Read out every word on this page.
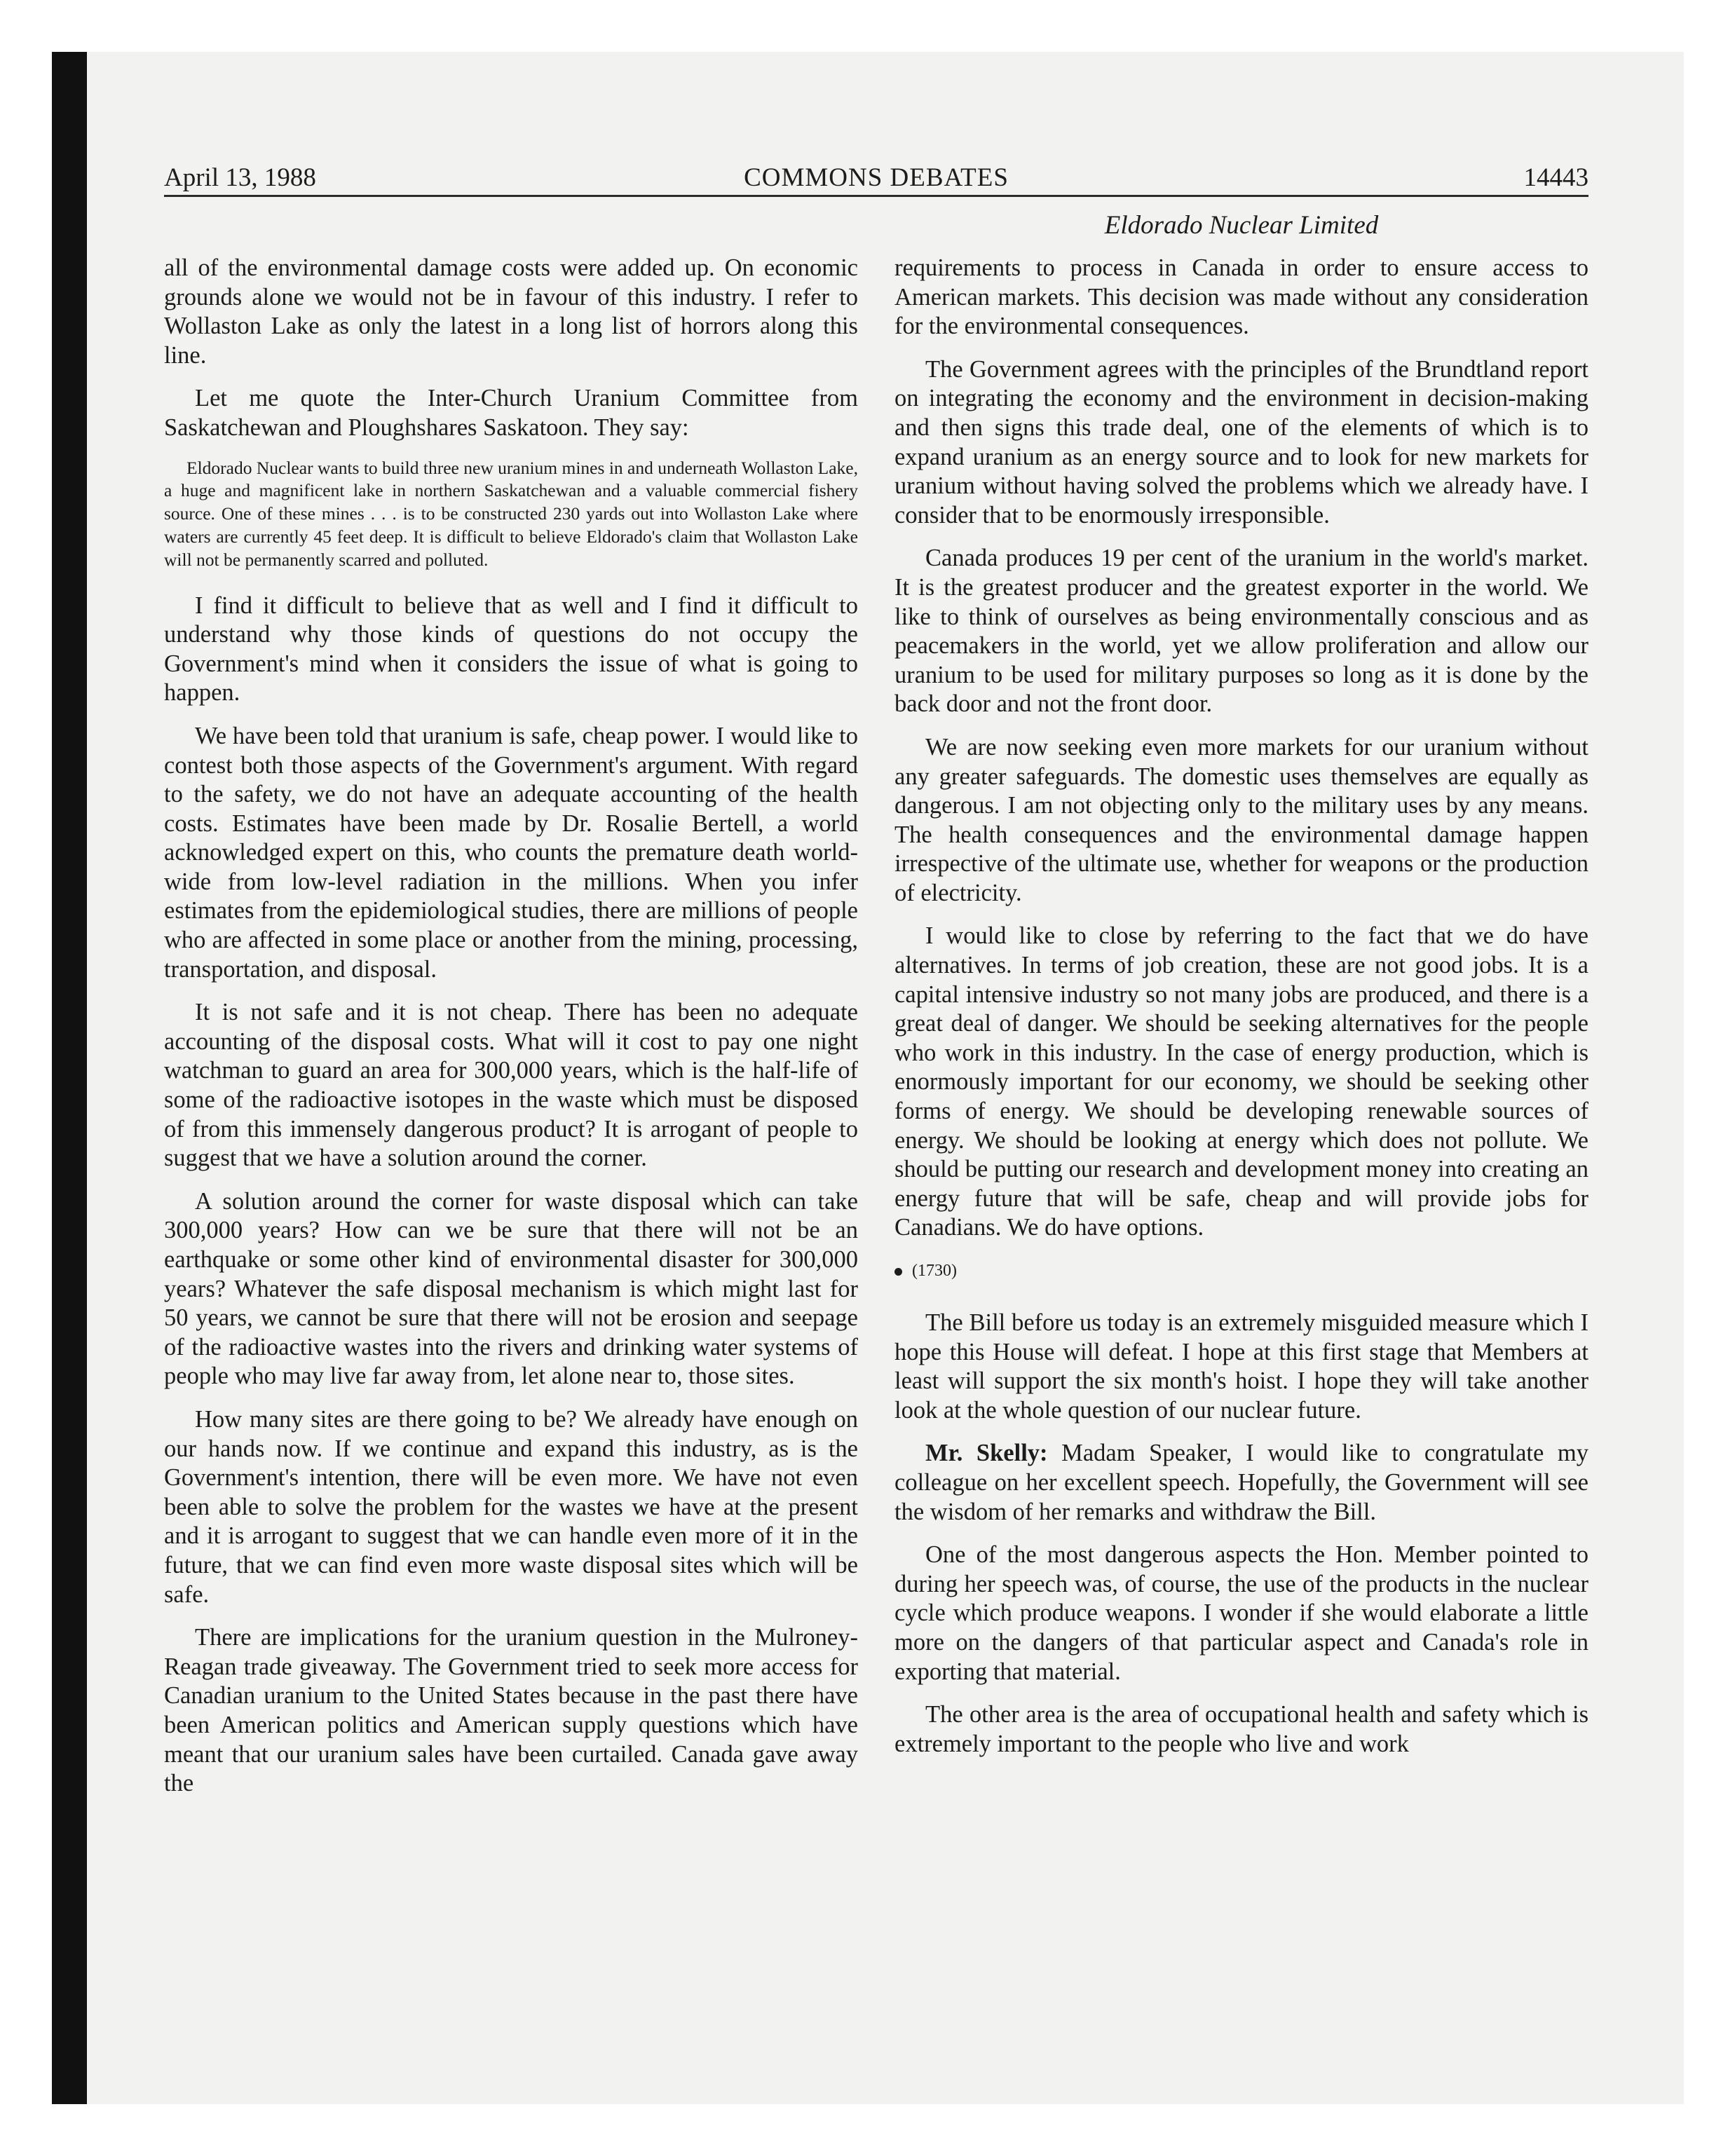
April 13, 1988	COMMONS DEBATES	14443
Eldorado Nuclear Limited

all of the environmental damage costs were added up. On economic grounds alone we would not be in favour of this industry. I refer to Wollaston Lake as only the latest in a long list of horrors along this line.

Let me quote the Inter-Church Uranium Committee from Saskatchewan and Ploughshares Saskatoon. They say:

Eldorado Nuclear wants to build three new uranium mines in and underneath Wollaston Lake, a huge and magnificent lake in northern Saskatchewan and a valuable commercial fishery source. One of these mines . . . is to be constructed 230 yards out into Wollaston Lake where waters are currently 45 feet deep. It is difficult to believe Eldorado's claim that Wollaston Lake will not be permanently scarred and polluted.

I find it difficult to believe that as well and I find it difficult to understand why those kinds of questions do not occupy the Government's mind when it considers the issue of what is going to happen.

We have been told that uranium is safe, cheap power. I would like to contest both those aspects of the Government's argument. With regard to the safety, we do not have an adequate accounting of the health costs. Estimates have been made by Dr. Rosalie Bertell, a world acknowledged expert on this, who counts the premature death world-wide from low-level radiation in the millions. When you infer estimates from the epidemiological studies, there are millions of people who are affected in some place or another from the mining, processing, transportation, and disposal.

It is not safe and it is not cheap. There has been no adequate accounting of the disposal costs. What will it cost to pay one night watchman to guard an area for 300,000 years, which is the half-life of some of the radioactive isotopes in the waste which must be disposed of from this immensely dangerous product? It is arrogant of people to suggest that we have a solution around the corner.

A solution around the corner for waste disposal which can take 300,000 years? How can we be sure that there will not be an earthquake or some other kind of environmental disaster for 300,000 years? Whatever the safe disposal mechanism is which might last for 50 years, we cannot be sure that there will not be erosion and seepage of the radioactive wastes into the rivers and drinking water systems of people who may live far away from, let alone near to, those sites.

How many sites are there going to be? We already have enough on our hands now. If we continue and expand this industry, as is the Government's intention, there will be even more. We have not even been able to solve the problem for the wastes we have at the present and it is arrogant to suggest that we can handle even more of it in the future, that we can find even more waste disposal sites which will be safe.

There are implications for the uranium question in the Mulroney-Reagan trade giveaway. The Government tried to seek more access for Canadian uranium to the United States because in the past there have been American politics and American supply questions which have meant that our uranium sales have been curtailed. Canada gave away the

requirements to process in Canada in order to ensure access to American markets. This decision was made without any consideration for the environmental consequences.

The Government agrees with the principles of the Brundtland report on integrating the economy and the environment in decision-making and then signs this trade deal, one of the elements of which is to expand uranium as an energy source and to look for new markets for uranium without having solved the problems which we already have. I consider that to be enormously irresponsible.

Canada produces 19 per cent of the uranium in the world's market. It is the greatest producer and the greatest exporter in the world. We like to think of ourselves as being environmentally conscious and as peacemakers in the world, yet we allow proliferation and allow our uranium to be used for military purposes so long as it is done by the back door and not the front door.

We are now seeking even more markets for our uranium without any greater safeguards. The domestic uses themselves are equally as dangerous. I am not objecting only to the military uses by any means. The health consequences and the environmental damage happen irrespective of the ultimate use, whether for weapons or the production of electricity.

I would like to close by referring to the fact that we do have alternatives. In terms of job creation, these are not good jobs. It is a capital intensive industry so not many jobs are produced, and there is a great deal of danger. We should be seeking alternatives for the people who work in this industry. In the case of energy production, which is enormously important for our economy, we should be seeking other forms of energy. We should be developing renewable sources of energy. We should be looking at energy which does not pollute. We should be putting our research and development money into creating an energy future that will be safe, cheap and will provide jobs for Canadians. We do have options.

(1730)

The Bill before us today is an extremely misguided measure which I hope this House will defeat. I hope at this first stage that Members at least will support the six month's hoist. I hope they will take another look at the whole question of our nuclear future.

Mr. Skelly: Madam Speaker, I would like to congratulate my colleague on her excellent speech. Hopefully, the Government will see the wisdom of her remarks and withdraw the Bill.

One of the most dangerous aspects the Hon. Member pointed to during her speech was, of course, the use of the products in the nuclear cycle which produce weapons. I wonder if she would elaborate a little more on the dangers of that particular aspect and Canada's role in exporting that material.

The other area is the area of occupational health and safety which is extremely important to the people who live and work
